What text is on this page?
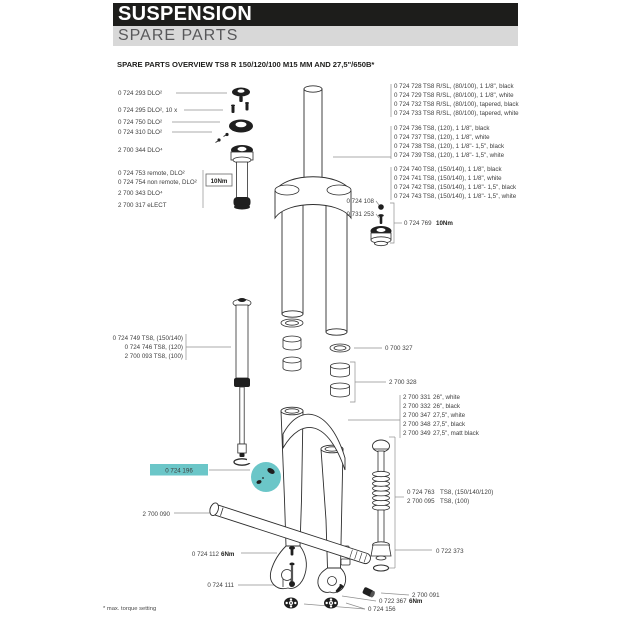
SUSPENSION
SPARE PARTS
SPARE PARTS OVERVIEW TS8 R 150/120/100 M15 MM AND 27,5"/650B*
0 724 293 DLO²
0 724 295 DLO², 10 x
0 724 750 DLO²
0 724 310 DLO²
2 700 344 DLO⁴
0 724 753 remote, DLO²
0 724 754 non remote, DLO²
2 700 343 DLO⁴
2 700 317 eLECT
10Nm
0 724 728 TS8 R/SL, (80/100), 1 1/8", black
0 724 729 TS8 R/SL, (80/100), 1 1/8", white
0 724 732 TS8 R/SL, (80/100), tapered, black
0 724 733 TS8 R/SL, (80/100), tapered, white
0 724 736 TS8, (120), 1 1/8", black
0 724 737 TS8, (120), 1 1/8", white
0 724 738 TS8, (120), 1 1/8"- 1,5", black
0 724 739 TS8, (120), 1 1/8"- 1,5", white
0 724 740 TS8, (150/140), 1 1/8", black
0 724 741 TS8, (150/140), 1 1/8", white
0 724 742 TS8, (150/140), 1 1/8"- 1,5", black
0 724 743 TS8, (150/140), 1 1/8"- 1,5", white
0 724 108
0 731 253
0 724 769 10Nm
0 700 327
2 700 328
0 724 749 TS8, (150/140)
0 724 746 TS8, (120)
2 700 093 TS8, (100)
2 700 331 26", white
2 700 332 26", black
2 700 347 27,5", white
2 700 348 27,5", black
2 700 349 27,5", matt black
0 724 763 TS8, (150/140/120)
2 700 095 TS8, (100)
0 722 373
0 724 196
2 700 090
0 724 112 6Nm
0 724 111
2 700 091
0 722 367 6Nm
0 724 156
* max. torque setting
